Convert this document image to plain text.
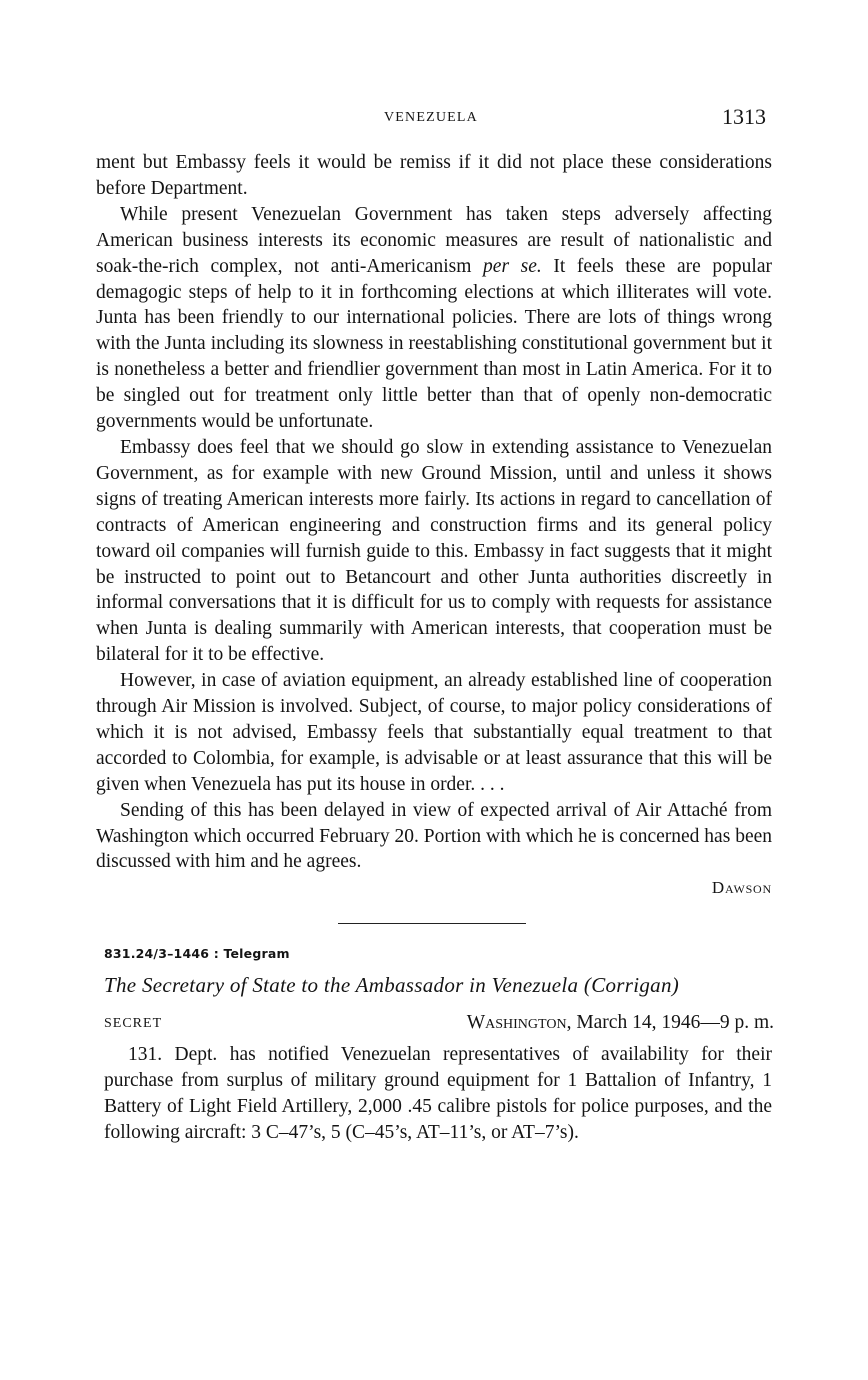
VENEZUELA	1313

ment but Embassy feels it would be remiss if it did not place these considerations before Department.

While present Venezuelan Government has taken steps adversely affecting American business interests its economic measures are result of nationalistic and soak-the-rich complex, not anti-Americanism per se. It feels these are popular demagogic steps of help to it in forthcoming elections at which illiterates will vote. Junta has been friendly to our international policies. There are lots of things wrong with the Junta including its slowness in reestablishing constitutional government but it is nonetheless a better and friendlier government than most in Latin America. For it to be singled out for treatment only little better than that of openly non-democratic governments would be unfortunate.

Embassy does feel that we should go slow in extending assistance to Venezuelan Government, as for example with new Ground Mission, until and unless it shows signs of treating American interests more fairly. Its actions in regard to cancellation of contracts of American engineering and construction firms and its general policy toward oil companies will furnish guide to this. Embassy in fact suggests that it might be instructed to point out to Betancourt and other Junta authorities discreetly in informal conversations that it is difficult for us to comply with requests for assistance when Junta is dealing summarily with American interests, that cooperation must be bilateral for it to be effective.

However, in case of aviation equipment, an already established line of cooperation through Air Mission is involved. Subject, of course, to major policy considerations of which it is not advised, Embassy feels that substantially equal treatment to that accorded to Colombia, for example, is advisable or at least assurance that this will be given when Venezuela has put its house in order. . . .

Sending of this has been delayed in view of expected arrival of Air Attaché from Washington which occurred February 20. Portion with which he is concerned has been discussed with him and he agrees.

Dawson
831.24/3–1446 : Telegram
The Secretary of State to the Ambassador in Venezuela (Corrigan)
SECRET	Washington, March 14, 1946—9 p. m.

131. Dept. has notified Venezuelan representatives of availability for their purchase from surplus of military ground equipment for 1 Battalion of Infantry, 1 Battery of Light Field Artillery, 2,000 .45 calibre pistols for police purposes, and the following aircraft: 3 C–47’s, 5 (C–45’s, AT–11’s, or AT–7’s).
